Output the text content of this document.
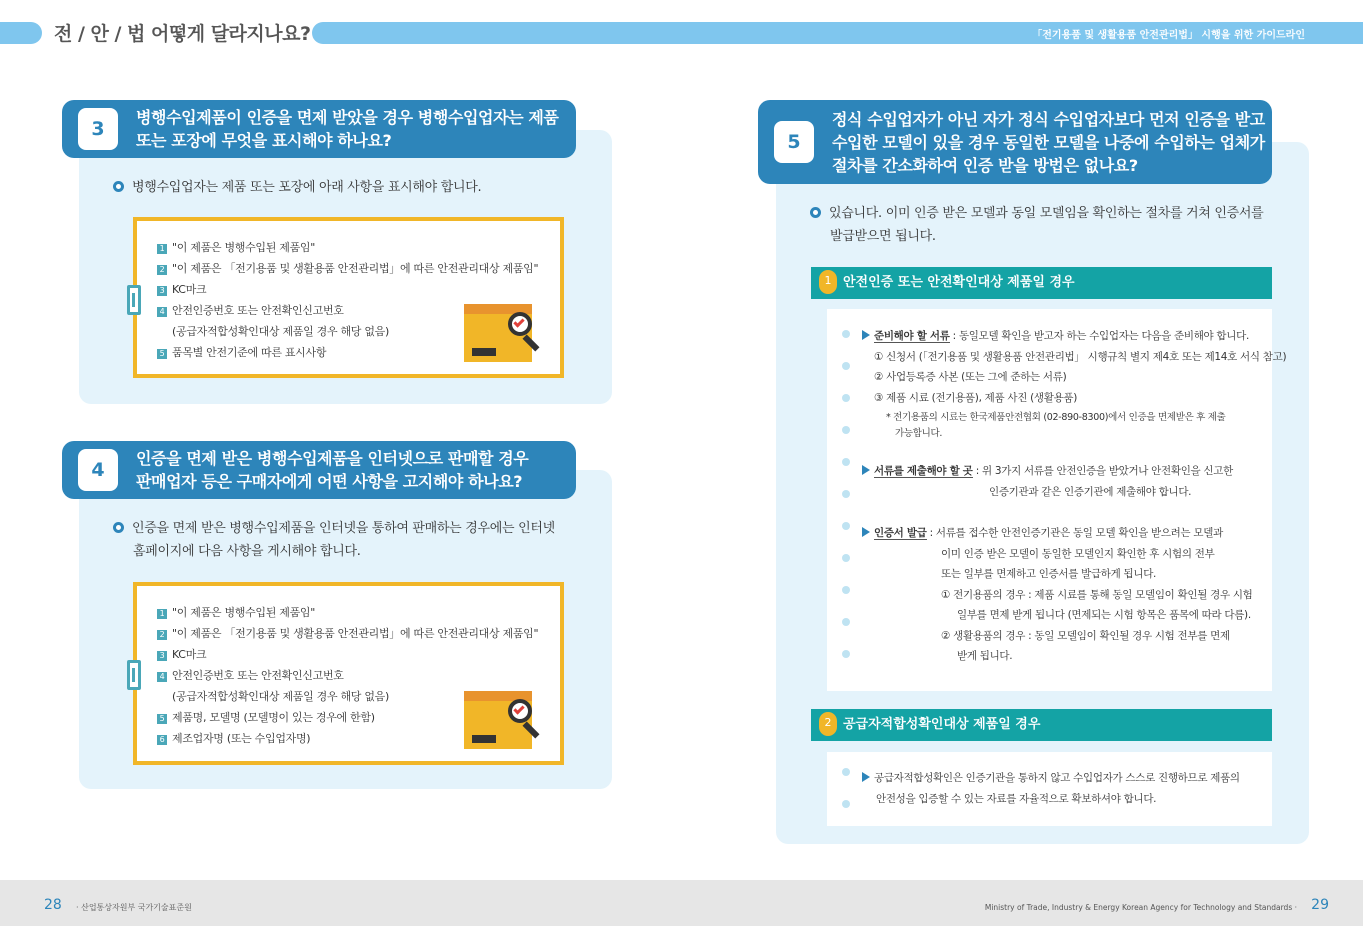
전 / 안 / 법 어떻게 달라지나요?	「전기용품 및 생활용품 안전관리법」 시행을 위한 가이드라인
3
병행수입제품이 인증을 면제 받았을 경우 병행수입업자는 제품
또는 포장에 무엇을 표시해야 하나요?
병행수입업자는 제품 또는 포장에 아래 사항을 표시해야 합니다.
1 "이 제품은 병행수입된 제품임"
2 "이 제품은 「전기용품 및 생활용품 안전관리법」에 따른 안전관리대상 제품임"
3 KC마크
4 안전인증번호 또는 안전확인신고번호
(공급자적합성확인대상 제품일 경우 해당 없음)
5 품목별 안전기준에 따른 표시사항
4
인증을 면제 받은 병행수입제품을 인터넷으로 판매할 경우
판매업자 등은 구매자에게 어떤 사항을 고지해야 하나요?
인증을 면제 받은 병행수입제품을 인터넷을 통하여 판매하는 경우에는 인터넷
홈페이지에 다음 사항을 게시해야 합니다.
1 "이 제품은 병행수입된 제품임"
2 "이 제품은 「전기용품 및 생활용품 안전관리법」에 따른 안전관리대상 제품임"
3 KC마크
4 안전인증번호 또는 안전확인신고번호
(공급자적합성확인대상 제품일 경우 해당 없음)
5 제품명, 모델명 (모델명이 있는 경우에 한함)
6 제조업자명 (또는 수입업자명)
5
정식 수입업자가 아닌 자가 정식 수입업자보다 먼저 인증을 받고
수입한 모델이 있을 경우 동일한 모델을 나중에 수입하는 업체가
절차를 간소화하여 인증 받을 방법은 없나요?
있습니다. 이미 인증 받은 모델과 동일 모델임을 확인하는 절차를 거쳐 인증서를
발급받으면 됩니다.
1 안전인증 또는 안전확인대상 제품일 경우
준비해야 할 서류 : 동일모델 확인을 받고자 하는 수입업자는 다음을 준비해야 합니다.
① 신청서 (「전기용품 및 생활용품 안전관리법」 시행규칙 별지 제4호 또는 제14호 서식 참고)
② 사업등록증 사본 (또는 그에 준하는 서류)
③ 제품 시료 (전기용품), 제품 사진 (생활용품)
* 전기용품의 시료는 한국제품안전협회 (02-890-8300)에서 인증을 면제받은 후 제출
가능합니다.
서류를 제출해야 할 곳 : 위 3가지 서류를 안전인증을 받았거나 안전확인을 신고한
인증기관과 같은 인증기관에 제출해야 합니다.
인증서 발급 : 서류를 접수한 안전인증기관은 동일 모델 확인을 받으려는 모델과
이미 인증 받은 모델이 동일한 모델인지 확인한 후 시험의 전부
또는 일부를 면제하고 인증서를 발급하게 됩니다.
① 전기용품의 경우 : 제품 시료를 통해 동일 모델임이 확인될 경우 시험
일부를 면제 받게 됩니다 (면제되는 시험 항목은 품목에 따라 다름).
② 생활용품의 경우 : 동일 모델임이 확인될 경우 시험 전부를 면제
받게 됩니다.
2 공급자적합성확인대상 제품일 경우
공급자적합성확인은 인증기관을 통하지 않고 수입업자가 스스로 진행하므로 제품의
안전성을 입증할 수 있는 자료를 자율적으로 확보하셔야 합니다.
28 · 산업통상자원부 국가기술표준원	Ministry of Trade, Industry & Energy Korean Agency for Technology and Standards · 29
